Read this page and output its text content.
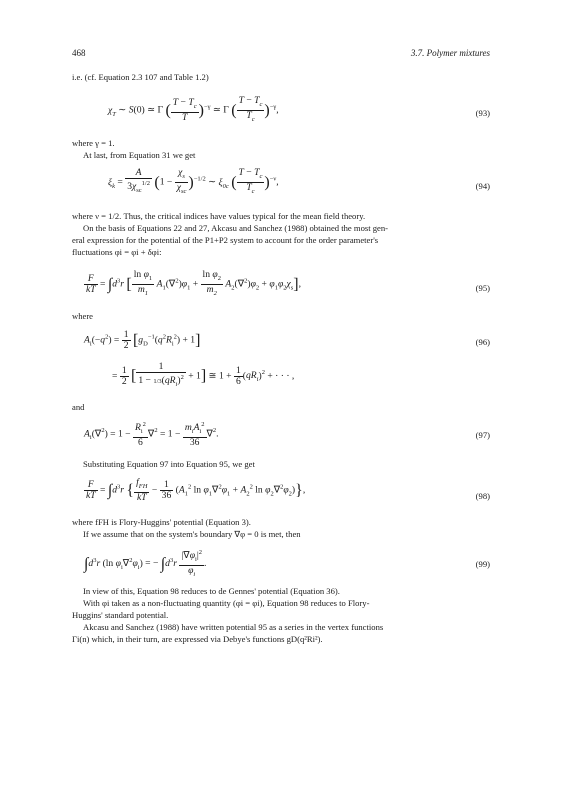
468	3.7. Polymer mixtures
i.e. (cf. Equation 2.3 107 and Table 1.2)
$\chi_T$ ∼ S(0) ≃ Γ ( $\frac{T - T_c}{T} )^{-\gamma}$ ≃ Γ ( $\frac{T - T_c}{T_c} )^{-\gamma}$,	(93)
where γ = 1.
At last, from Equation 31 we get
$\xi_k = \frac{A}{3\chi_{sc}^{1/2}} (1 - \frac{\chi_s}{\chi_{sc}} )^{-1/2}$ ∼ $\xi_{0c}$ ( $\frac{T - T_c}{T_c} )^{-\nu}$,	(94)
where ν = 1/2. Thus, the critical indices have values typical for the mean field theory.
On the basis of Equations 22 and 27, Akcasu and Sanchez (1988) obtained the most gen-
eral expression for the potential of the P1+P2 system to account for the order parameter's
fluctuations φi = φi + δφi:
$\frac{F}{kT} = \int d^3r$ [ $\frac{\ln \varphi_1}{m_1} A_1(\nabla^2)\varphi_1 + \frac{\ln \varphi_2}{m_2} A_2(\nabla^2)\varphi_2 + \varphi_1\varphi_2\chi_s$],	(95)
where
$A_i(-q^2) = \frac{1}{2} [g_D^{-1}(q^2R_i^2) + 1]$	(96)
= $\frac{1}{2}$ [ $\frac{1}{1 - 1/3(qR_i)^2} + 1$] ≅ $1 + \frac{1}{6} (qR_i)^2$ + · · · ,
and
$A_i(\nabla^2) = 1 - \frac{R_i^2}{6} \nabla^2 = 1 - \frac{m_iA_i^2}{36} \nabla^2$.	(97)
Substituting Equation 97 into Equation 95, we get
$\frac{F}{kT} = \int d^3r$ { $\frac{f_{FH}}{kT} - \frac{1}{36} (A_1^2$ $\ln \varphi_1\nabla^2\varphi_1 + A_2^2$ $\ln \varphi_2\nabla^2\varphi_2$)},
(98)
where fFH is Flory-Huggins' potential (Equation 3).
If we assume that on the system's boundary ∇φ = 0 is met, then
$\int d^3r$ (ln $\varphi_i\nabla^2\varphi_i$) = − $\int d^3r \frac{|\nabla\varphi_i|^2}{\varphi_i}$ .	(99)
In view of this, Equation 98 reduces to de Gennes' potential (Equation 36).
With φi taken as a non-fluctuating quantity (φi = φi), Equation 98 reduces to Flory-
Huggins' standard potential.
Akcasu and Sanchez (1988) have written potential 95 as a series in the vertex functions
Γi(n) which, in their turn, are expressed via Debye's functions gD(q²Ri²).
